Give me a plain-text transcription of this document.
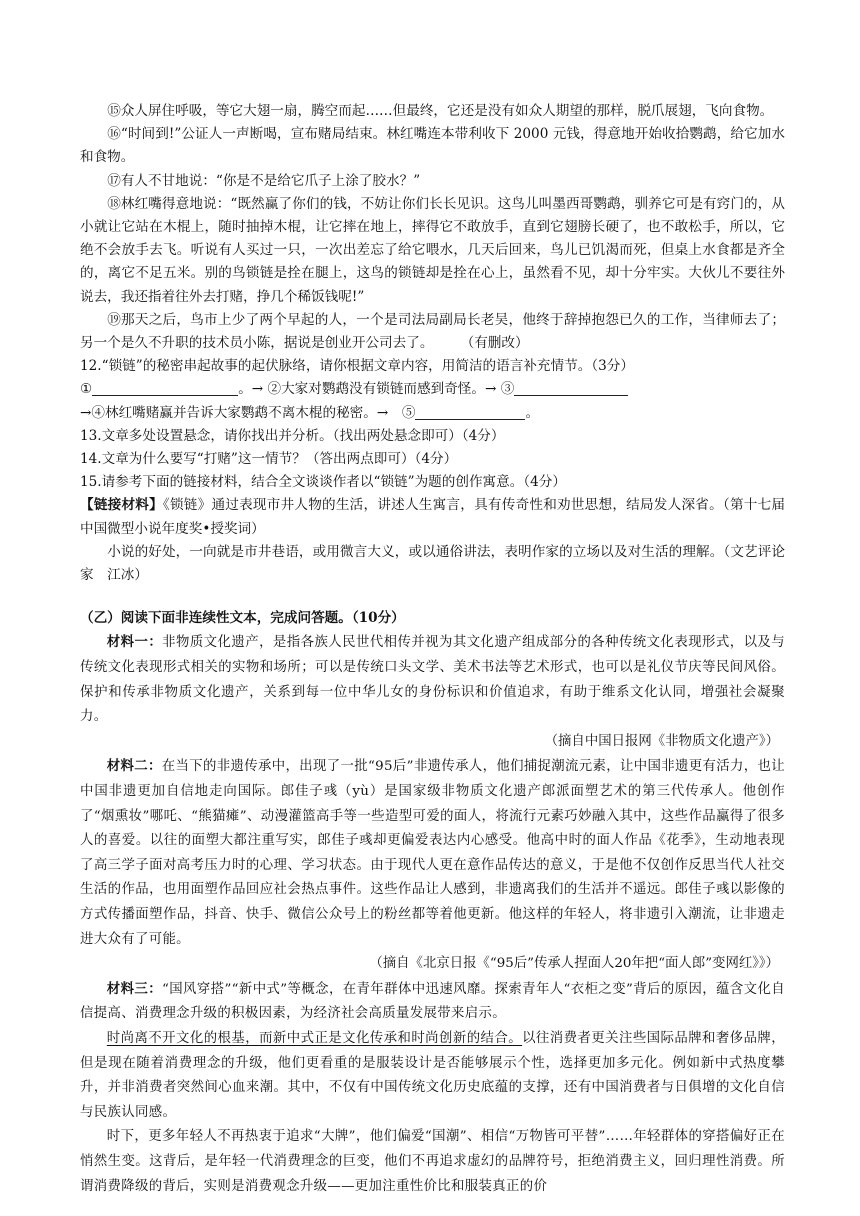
⑮众人屏住呼吸，等它大翅一扇，腾空而起……但最终，它还是没有如众人期望的那样，脱爪展翅，飞向食物。

⑯“时间到!”公证人一声断喝，宣布赌局结束。林红嘴连本带利收下 2000 元钱，得意地开始收拾鹦鹉，给它加水和食物。

⑰有人不甘地说：“你是不是给它爪子上涂了胶水？”

⑱林红嘴得意地说：“既然赢了你们的钱，不妨让你们长长见识。这鸟儿叫墨西哥鹦鹉，驯养它可是有窍门的，从小就让它站在木棍上，随时抽掉木棍，让它摔在地上，摔得它不敢放手，直到它翅膀长硬了，也不敢松手，所以，它绝不会放手去飞。听说有人买过一只，一次出差忘了给它喂水，几天后回来，鸟儿已饥渴而死，但桌上水食都是齐全的，离它不足五米。别的鸟锁链是拴在腿上，这鸟的锁链却是拴在心上，虽然看不见，却十分牢实。大伙儿不要往外说去，我还指着往外去打赌，挣几个稀饭钱呢!”

⑲那天之后，鸟市上少了两个早起的人，一个是司法局副局长老吴，他终于辞掉抱怨已久的工作，当律师去了；另一个是久不升职的技术员小陈，据说是创业开公司去了。　　　	（有删改）

12.“锁链”的秘密串起故事的起伏脉络，请你根据文章内容，用简洁的语言补充情节。（3分）
①	。→ ②大家对鹦鹉没有锁链而感到奇怪。→ ③
→④林红嘴赌赢并告诉大家鹦鹉不离木棍的秘密。→　⑤	。
13.文章多处设置悬念，请你找出并分析。（找出两处悬念即可）（4分）
14.文章为什么要写“打赌”这一情节？（答出两点即可）（4分）
15.请参考下面的链接材料，结合全文谈谈作者以“锁链”为题的创作寓意。（4分）

【链接材料】《锁链》通过表现市井人物的生活，讲述人生寓言，具有传奇性和劝世思想，结局发人深省。（第十七届中国微型小说年度奖•授奖词）

小说的好处，一向就是市井巷语，或用微言大义，或以通俗讲法，表明作家的立场以及对生活的理解。（文艺评论家　江冰）

（乙）阅读下面非连续性文本，完成问答题。（10分）

材料一：非物质文化遗产，是指各族人民世代相传并视为其文化遗产组成部分的各种传统文化表现形式，以及与传统文化表现形式相关的实物和场所；可以是传统口头文学、美术书法等艺术形式，也可以是礼仪节庆等民间风俗。保护和传承非物质文化遗产，关系到每一位中华儿女的身份标识和价值追求，有助于维系文化认同，增强社会凝聚力。

（摘自中国日报网《非物质文化遗产》）

材料二：在当下的非遗传承中，出现了一批“95后”非遗传承人，他们捕捉潮流元素，让中国非遗更有活力，也让中国非遗更加自信地走向国际。郎佳子彧（yù）是国家级非物质文化遗产郎派面塑艺术的第三代传承人。他创作了“烟熏妆”哪吒、“熊猫瘫”、动漫灌篮高手等一些造型可爱的面人，将流行元素巧妙融入其中，这些作品赢得了很多人的喜爱。以往的面塑大都注重写实，郎佳子彧却更偏爱表达内心感受。他高中时的面人作品《花季》，生动地表现了高三学子面对高考压力时的心理、学习状态。由于现代人更在意作品传达的意义，于是他不仅创作反思当代人社交生活的作品，也用面塑作品回应社会热点事件。这些作品让人感到，非遗离我们的生活并不遥远。郎佳子彧以影像的方式传播面塑作品，抖音、快手、微信公众号上的粉丝都等着他更新。他这样的年轻人，将非遗引入潮流，让非遗走进大众有了可能。

（摘自《北京日报《“95后”传承人捏面人20年把“面人郎”变网红》》）

材料三：“国风穿搭”“新中式”等概念，在青年群体中迅速风靡。探索青年人“衣柜之变”背后的原因，蕴含文化自信提高、消费理念升级的积极因素，为经济社会高质量发展带来启示。

时尚离不开文化的根基，而新中式正是文化传承和时尚创新的结合。以往消费者更关注些国际品牌和奢侈品牌，但是现在随着消费理念的升级，他们更看重的是服装设计是否能够展示个性，选择更加多元化。例如新中式热度攀升，并非消费者突然间心血来潮。其中，不仅有中国传统文化历史底蕴的支撑，还有中国消费者与日俱增的文化自信与民族认同感。

时下，更多年轻人不再热衷于追求“大牌”，他们偏爱“国潮”、相信“万物皆可平替”……年轻群体的穿搭偏好正在悄然生变。这背后，是年轻一代消费理念的巨变，他们不再追求虚幻的品牌符号，拒绝消费主义，回归理性消费。所谓消费降级的背后，实则是消费观念升级——更加注重性价比和服装真正的价
